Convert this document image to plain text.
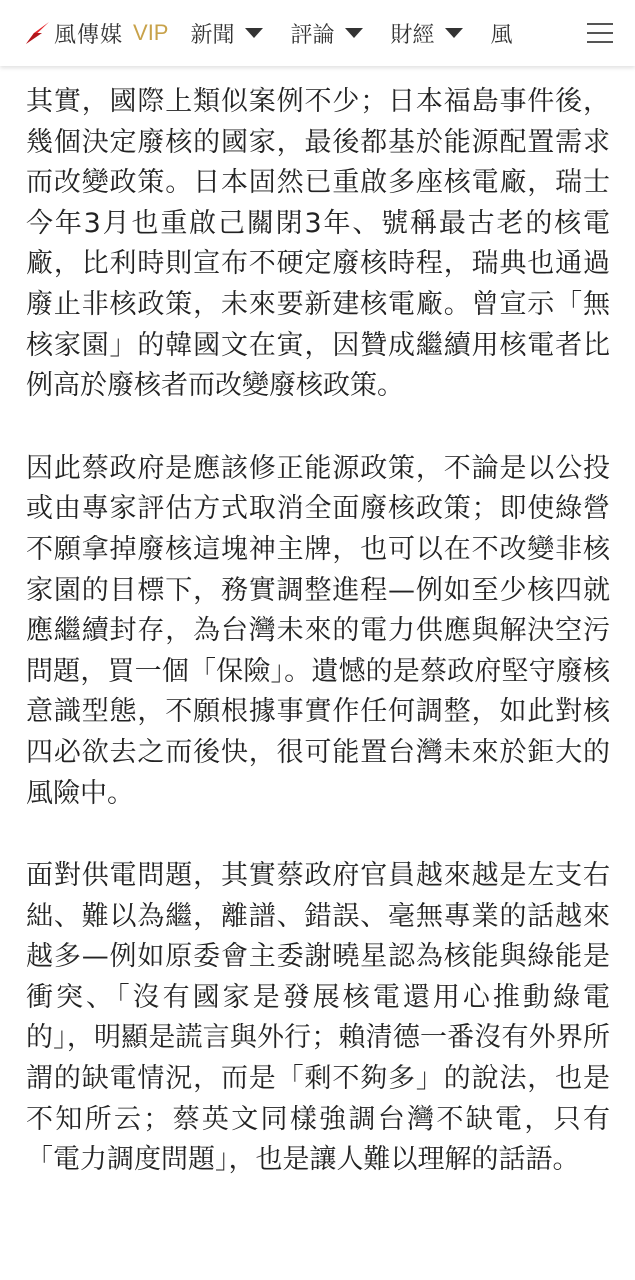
風傳媒 VIP 新聞	評論	財經	風

其實，國際上類似案例不少；日本福島事件後，幾個決定廢核的國家，最後都基於能源配置需求而改變政策。日本固然已重啟多座核電廠，瑞士今年3月也重啟己關閉3年、號稱最古老的核電廠，比利時則宣布不硬定廢核時程，瑞典也通過廢止非核政策，未來要新建核電廠。曾宣示「無核家園」的韓國文在寅，因贊成繼續用核電者比例高於廢核者而改變廢核政策。

因此蔡政府是應該修正能源政策，不論是以公投或由專家評估方式取消全面廢核政策；即使綠營不願拿掉廢核這塊神主牌，也可以在不改變非核家園的目標下，務實調整進程—例如至少核四就應繼續封存，為台灣未來的電力供應與解決空污問題，買一個「保險」。遺憾的是蔡政府堅守廢核意識型態，不願根據事實作任何調整，如此對核四必欲去之而後快，很可能置台灣未來於鉅大的風險中。

面對供電問題，其實蔡政府官員越來越是左支右絀、難以為繼，離譜、錯誤、毫無專業的話越來越多—例如原委會主委謝曉星認為核能與綠能是衝突、「沒有國家是發展核電還用心推動綠電的」，明顯是謊言與外行；賴清德一番沒有外界所謂的缺電情況，而是「剩不夠多」的說法，也是不知所云；蔡英文同樣強調台灣不缺電，只有「電力調度問題」，也是讓人難以理解的話語。
